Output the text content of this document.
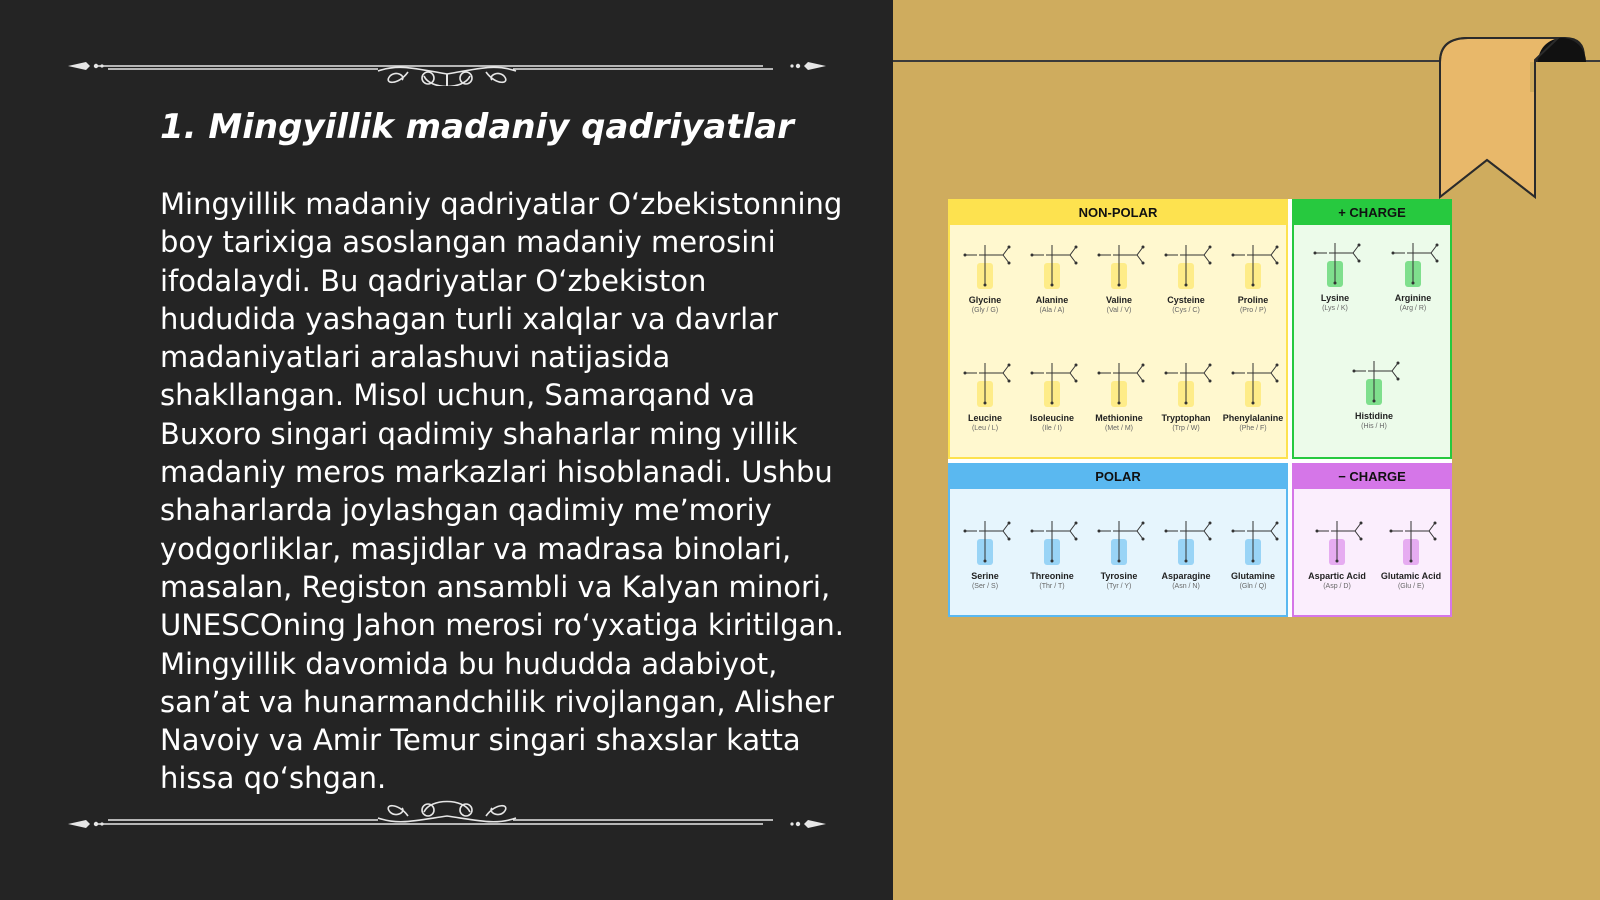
1. Mingyillik madaniy qadriyatlar

Mingyillik madaniy qadriyatlar O‘zbekistonning boy tarixiga asoslangan madaniy merosini ifodalaydi. Bu qadriyatlar O‘zbekiston hududida yashagan turli xalqlar va davrlar madaniyatlari aralashuvi natijasida shakllangan. Misol uchun, Samarqand va Buxoro singari qadimiy shaharlar ming yillik madaniy meros markazlari hisoblanadi. Ushbu shaharlarda joylashgan qadimiy me’moriy yodgorliklar, masjidlar va madrasa binolari, masalan, Registon ansambli va Kalyan minori, UNESCOning Jahon merosi ro‘yxatiga kiritilgan. Mingyillik davomida bu hududda adabiyot, san’at va hunarmandchilik rivojlangan, Alisher Navoiy va Amir Temur singari shaxslar katta hissa qo‘shgan.

NON-POLAR
Glycine
(Gly / G)
Alanine
(Ala / A)
Valine
(Val / V)
Cysteine
(Cys / C)
Proline
(Pro / P)
Leucine
(Leu / L)
Isoleucine
(Ile / I)
Methionine
(Met / M)
Tryptophan
(Trp / W)
Phenylalanine
(Phe / F)
+ CHARGE
Lysine
(Lys / K)
Arginine
(Arg / R)
Histidine
(His / H)
POLAR
Serine
(Ser / S)
Threonine
(Thr / T)
Tyrosine
(Tyr / Y)
Asparagine
(Asn / N)
Glutamine
(Gln / Q)
− CHARGE
Aspartic Acid
(Asp / D)
Glutamic Acid
(Glu / E)
